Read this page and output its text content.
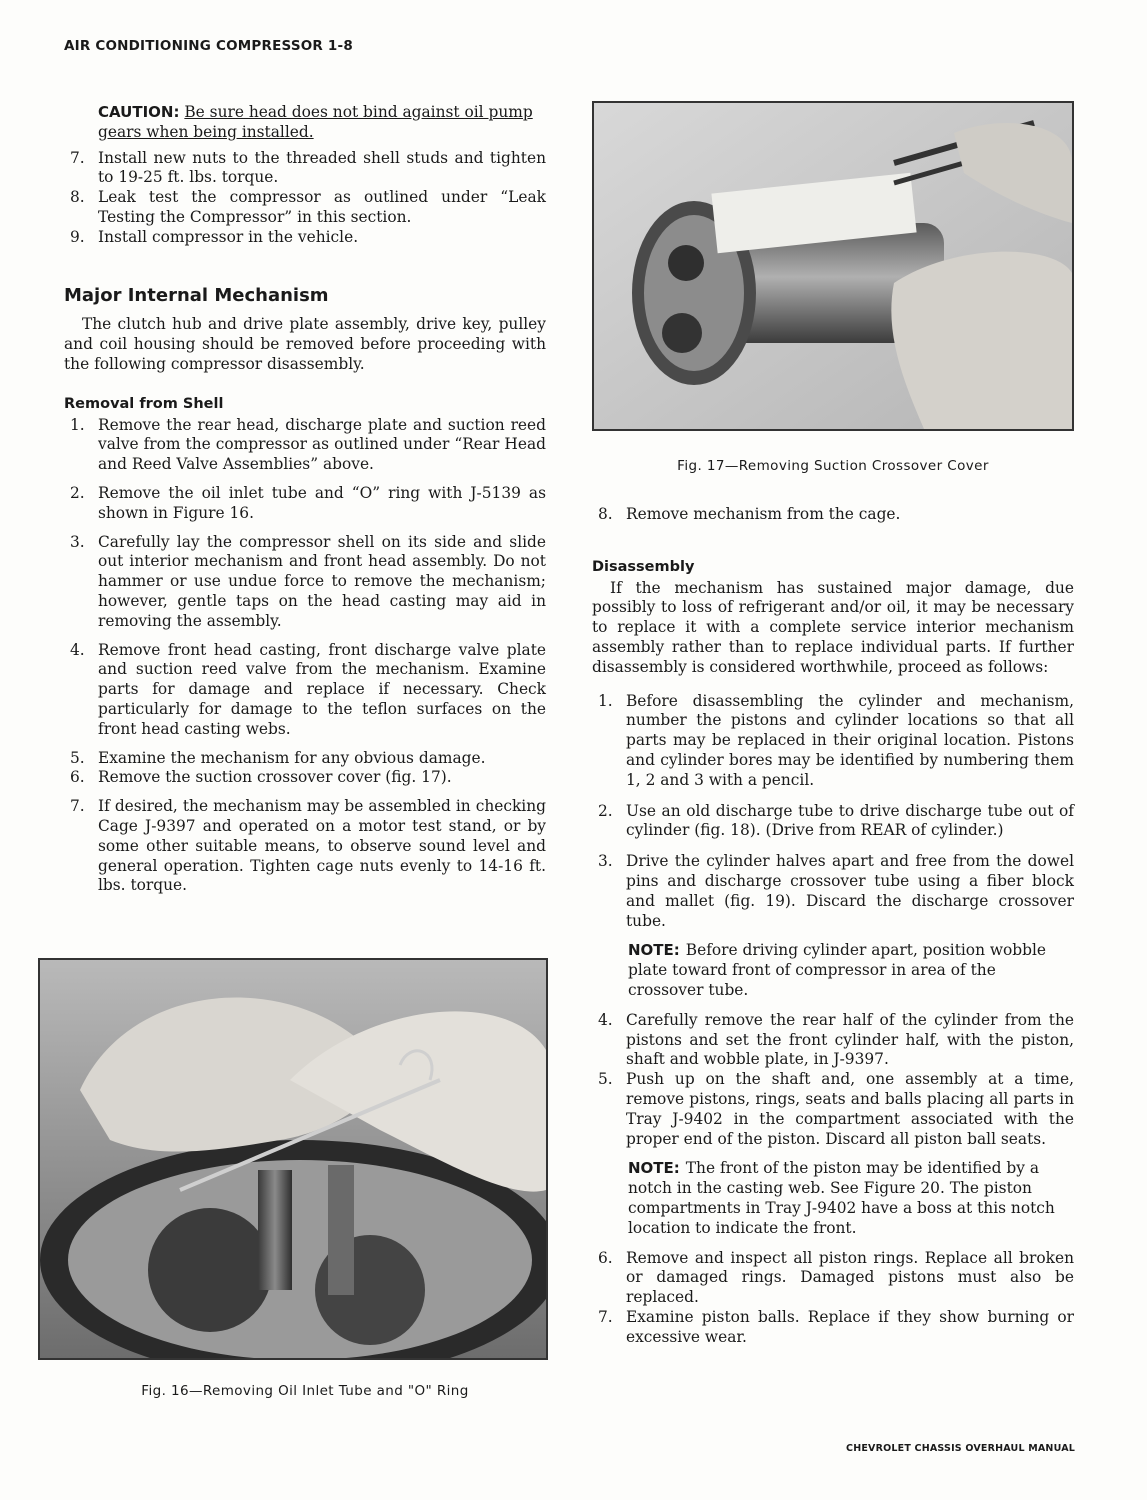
AIR CONDITIONING COMPRESSOR 1-8
CAUTION: Be sure head does not bind against oil pump gears when being installed.
7. Install new nuts to the threaded shell studs and tighten to 19-25 ft. lbs. torque.
8. Leak test the compressor as outlined under “Leak Testing the Compressor” in this section.
9. Install compressor in the vehicle.
Major Internal Mechanism

The clutch hub and drive plate assembly, drive key, pulley and coil housing should be removed before proceeding with the following compressor disassembly.

Removal from Shell
1. Remove the rear head, discharge plate and suction reed valve from the compressor as outlined under “Rear Head and Reed Valve Assemblies” above.
2. Remove the oil inlet tube and “O” ring with J-5139 as shown in Figure 16.
3. Carefully lay the compressor shell on its side and slide out interior mechanism and front head assembly. Do not hammer or use undue force to remove the mechanism; however, gentle taps on the head casting may aid in removing the assembly.
4. Remove front head casting, front discharge valve plate and suction reed valve from the mechanism. Examine parts for damage and replace if necessary. Check particularly for damage to the teflon surfaces on the front head casting webs.
5. Examine the mechanism for any obvious damage.
6. Remove the suction crossover cover (fig. 17).
7. If desired, the mechanism may be assembled in checking Cage J-9397 and operated on a motor test stand, or by some other suitable means, to observe sound level and general operation. Tighten cage nuts evenly to 14-16 ft. lbs. torque.
Fig. 16—Removing Oil Inlet Tube and "O" Ring
Fig. 17—Removing Suction Crossover Cover
8. Remove mechanism from the cage.
Disassembly

If the mechanism has sustained major damage, due possibly to loss of refrigerant and/or oil, it may be necessary to replace it with a complete service interior mechanism assembly rather than to replace individual parts. If further disassembly is considered worthwhile, proceed as follows:

1. Before disassembling the cylinder and mechanism, number the pistons and cylinder locations so that all parts may be replaced in their original location. Pistons and cylinder bores may be identified by numbering them 1, 2 and 3 with a pencil.
2. Use an old discharge tube to drive discharge tube out of cylinder (fig. 18). (Drive from REAR of cylinder.)
3. Drive the cylinder halves apart and free from the dowel pins and discharge crossover tube using a fiber block and mallet (fig. 19). Discard the discharge crossover tube.
NOTE: Before driving cylinder apart, position wobble plate toward front of compressor in area of the crossover tube.
4. Carefully remove the rear half of the cylinder from the pistons and set the front cylinder half, with the piston, shaft and wobble plate, in J-9397.
5. Push up on the shaft and, one assembly at a time, remove pistons, rings, seats and balls placing all parts in Tray J-9402 in the compartment associated with the proper end of the piston. Discard all piston ball seats.
NOTE: The front of the piston may be identified by a notch in the casting web. See Figure 20. The piston compartments in Tray J-9402 have a boss at this notch location to indicate the front.
6. Remove and inspect all piston rings. Replace all broken or damaged rings. Damaged pistons must also be replaced.
7. Examine piston balls. Replace if they show burning or excessive wear.
CHEVROLET CHASSIS OVERHAUL MANUAL
